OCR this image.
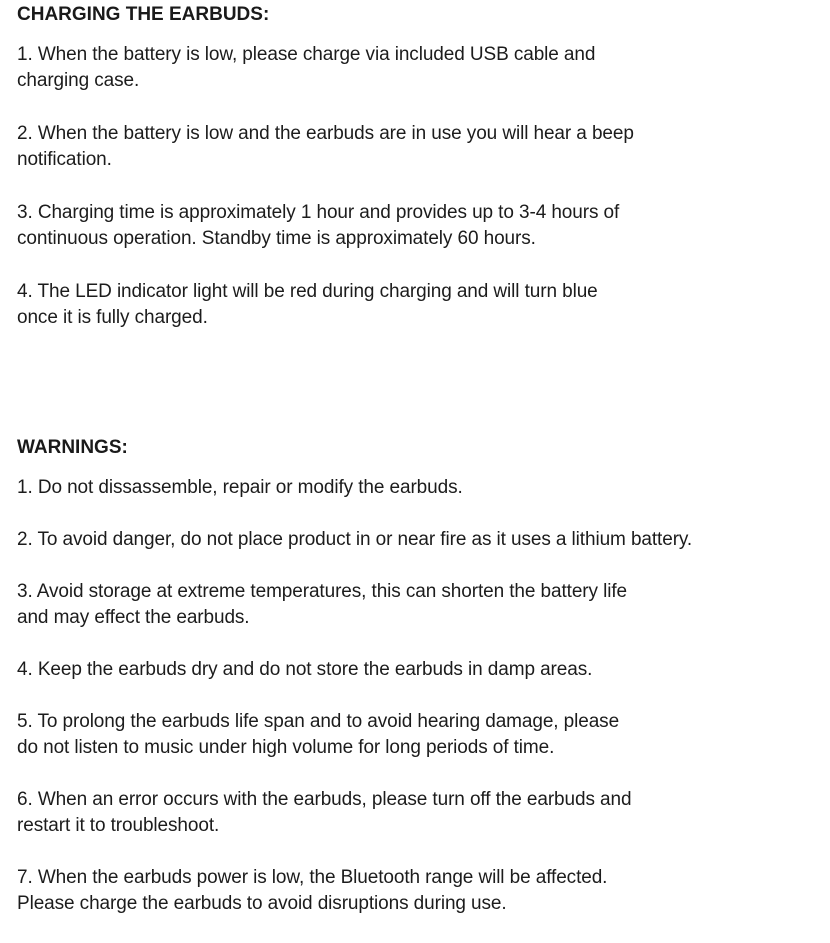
CHARGING THE EARBUDS:

1. When the battery is low, please charge via included USB cable and
charging case.

2. When the battery is low and the earbuds are in use you will hear a beep
notification.

3. Charging time is approximately 1 hour and provides up to 3-4 hours of
continuous operation. Standby time is approximately 60 hours.

4. The LED indicator light will be red during charging and will turn blue
once it is fully charged.

WARNINGS:

1. Do not dissassemble, repair or modify the earbuds.

2. To avoid danger, do not place product in or near fire as it uses a lithium battery.

3. Avoid storage at extreme temperatures, this can shorten the battery life
and may effect the earbuds.

4. Keep the earbuds dry and do not store the earbuds in damp areas.

5. To prolong the earbuds life span and to avoid hearing damage, please
do not listen to music under high volume for long periods of time.

6. When an error occurs with the earbuds, please turn off the earbuds and
restart it to troubleshoot.

7. When the earbuds power is low, the Bluetooth range will be affected.
Please charge the earbuds to avoid disruptions during use.
